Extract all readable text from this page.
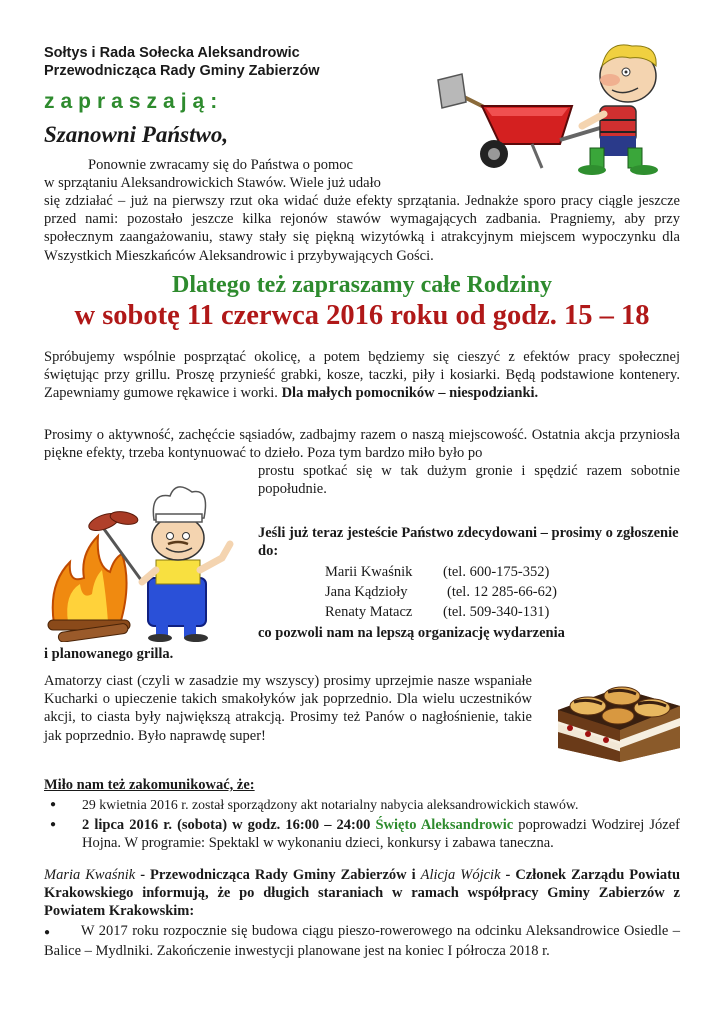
Sołtys i Rada Sołecka Aleksandrowic
Przewodnicząca Rady Gminy Zabierzów
zapraszają:
Szanowni Państwo,
Ponownie zwracamy się do Państwa o pomoc
w sprzątaniu Aleksandrowickich Stawów. Wiele już udało
się zdziałać – już na pierwszy rzut oka widać duże efekty sprzątania. Jednakże sporo pracy ciągle jeszcze przed nami: pozostało jeszcze kilka rejonów stawów wymagających zadbania. Pragniemy, aby przy społecznym zaangażowaniu, stawy stały się piękną wizytówką i atrakcyjnym miejscem wypoczynku dla Wszystkich Mieszkańców Aleksandrowic i przybywających Gości.
Dlatego też zapraszamy całe Rodziny
w sobotę 11 czerwca 2016 roku od godz. 15 – 18
Spróbujemy wspólnie posprzątać okolicę, a potem będziemy się cieszyć z efektów pracy społecznej świętując przy grillu. Proszę przynieść grabki, kosze, taczki, piły i kosiarki. Będą podstawione kontenery. Zapewniamy gumowe rękawice i worki. Dla małych pomocników – niespodzianki.
Prosimy o aktywność, zachęćcie sąsiadów, zadbajmy razem o naszą miejscowość. Ostatnia akcja przyniosła piękne efekty, trzeba kontynuować to dzieło. Poza tym bardzo miło było po
prostu spotkać się w tak dużym gronie i spędzić razem sobotnie popołudnie.
Jeśli już teraz jesteście Państwo zdecydowani – prosimy o zgłoszenie do:
Marii Kwaśnik (tel. 600-175-352)
Jana Kądzioły	(tel. 12 285-66-62)
Renaty Matacz (tel. 509-340-131)
co pozwoli nam na lepszą organizację wydarzenia
i planowanego grilla.
Amatorzy ciast (czyli w zasadzie my wszyscy) prosimy uprzejmie nasze wspaniałe Kucharki o upieczenie takich smakołyków jak poprzednio. Dla wielu uczestników akcji, to ciasta były największą atrakcją. Prosimy też Panów o nagłośnienie, takie jak poprzednio. Było naprawdę super!
Miło nam też zakomunikować, że:
● 29 kwietnia 2016 r. został sporządzony akt notarialny nabycia aleksandrowickich stawów.
● 2 lipca 2016 r. (sobota) w godz. 16:00 – 24:00 Święto Aleksandrowic poprowadzi Wodzirej Józef Hojna. W programie: Spektakl w wykonaniu dzieci, konkursy i zabawa taneczna.
Maria Kwaśnik - Przewodnicząca Rady Gminy Zabierzów i Alicja Wójcik - Członek Zarządu Powiatu Krakowskiego informują, że po długich staraniach w ramach współpracy Gminy Zabierzów z Powiatem Krakowskim:
● W 2017 roku rozpocznie się budowa ciągu pieszo-rowerowego na odcinku Aleksandrowice Osiedle – Balice – Mydlniki. Zakończenie inwestycji planowane jest na koniec I półrocza 2018 r.
